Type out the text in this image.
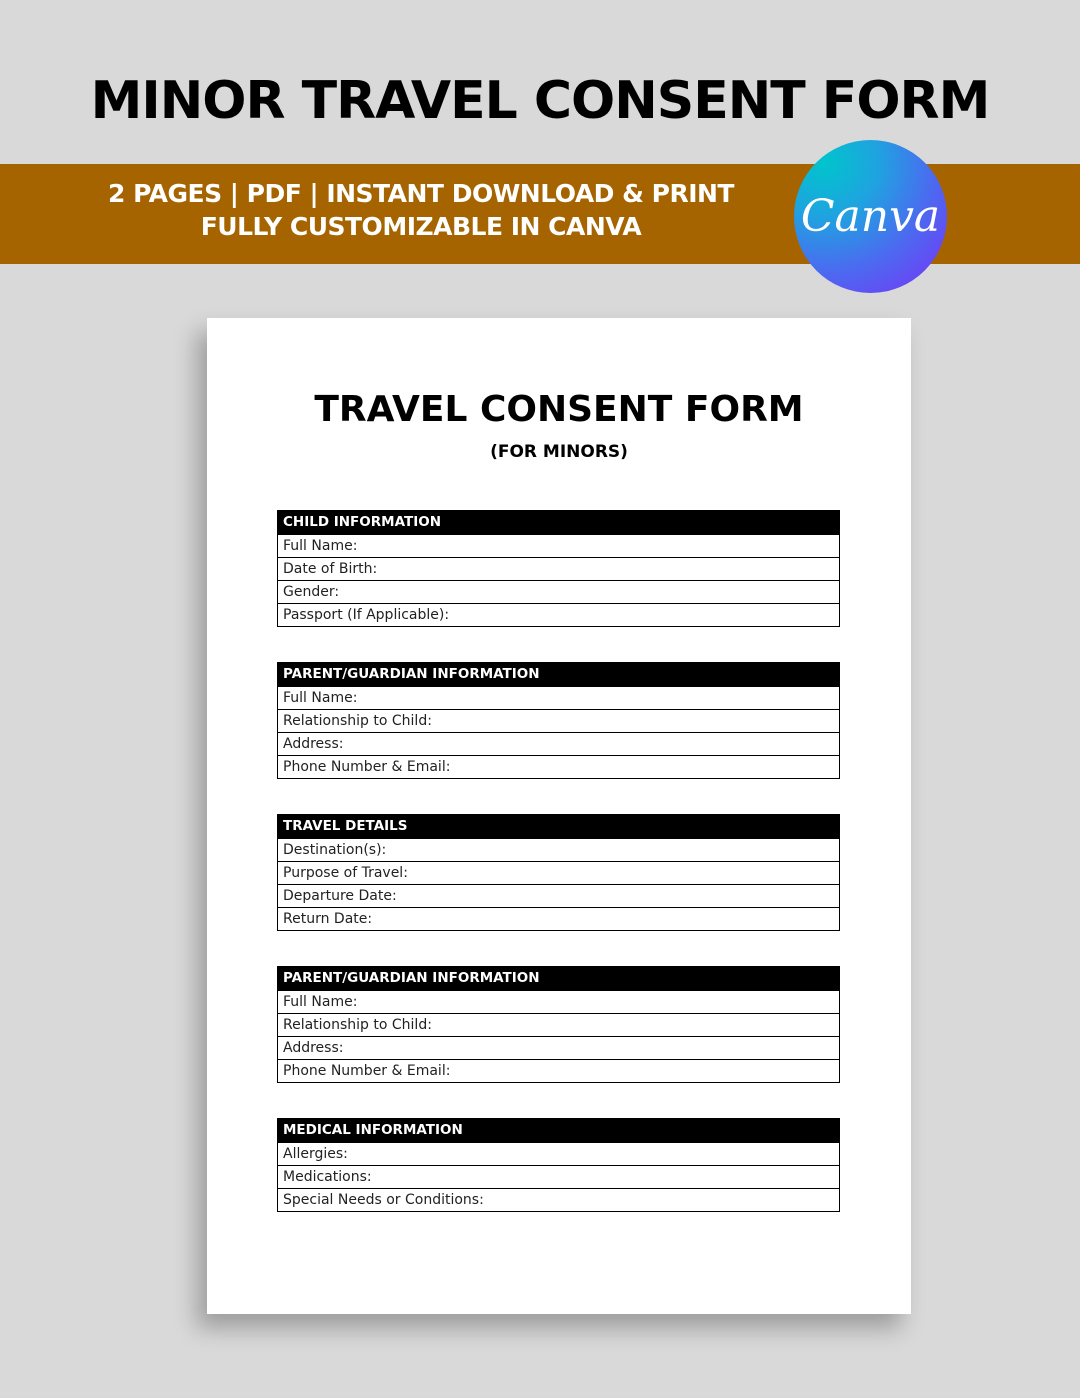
MINOR TRAVEL CONSENT FORM
2 PAGES | PDF | INSTANT DOWNLOAD & PRINT
FULLY CUSTOMIZABLE IN CANVA	Canva
TRAVEL CONSENT FORM
(FOR MINORS)
CHILD INFORMATION
Full Name:
Date of Birth:
Gender:
Passport (If Applicable):
PARENT/GUARDIAN INFORMATION
Full Name:
Relationship to Child:
Address:
Phone Number & Email:
TRAVEL DETAILS
Destination(s):
Purpose of Travel:
Departure Date:
Return Date:
PARENT/GUARDIAN INFORMATION
Full Name:
Relationship to Child:
Address:
Phone Number & Email:
MEDICAL INFORMATION
Allergies:
Medications:
Special Needs or Conditions:
